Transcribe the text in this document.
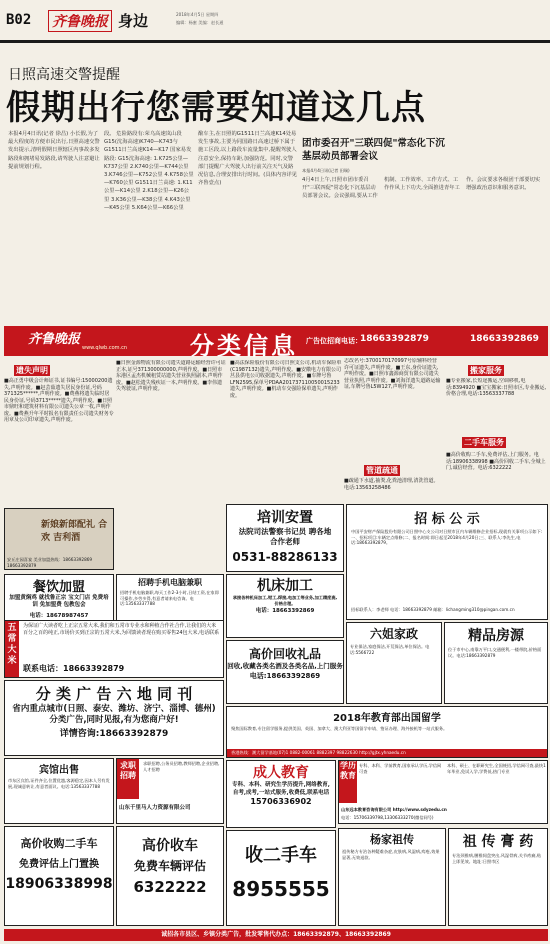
B02 齐鲁晚报 身边	2018年4月5日 星期四
编辑：杨蜜 美编：赵长通
日照高速交警提醒
假期出行您需要知道这几点
本报4月4日讯(记者 徐昌) 小长假,为了最大程度的方便市民出行,日照高速交警发出提示,清明假期日照辖区内事故多发路段和拥堵易发路段,请驾驶人注意避让提前规划行程。
段。 危险路段有:荣乌高速岚山段G15(沈海高速)K740—K743与G1511日兰高速K14—K17 国家易发路段: G15沈海高速: 1.K725公里—K737公里 2.K740公里—K744公里 3.K746公里—K752公里 4.K758公里—K760公里 G1511日兰高速: 1.K11公里—K14公里 2.K18公里—K26公里 3.K36公里—K38公里 4.K43公里—K45公里 5.K64公里—K66公里
酿车主,在日照的G1511日兰高速K14处易发生事故,主要为同国路日高速过桥下属于施工区段,以上路段车流量集中,提醒驾驶人注意安全,保持车距,加强防范。同时,交警部门提醒广大驾驶人出行前关注天气及路况信息,合理安排出行时间。(具体内容详见齐鲁壹点)
团市委召开"三联四促"常态化下沉基层动员部署会议
本报4月4日讯(记者 田瑞)
4月4日上午,日照市团市委召开"三联四促"常态化下沉基层动员部署会议。会议强调,要从工作机制、工作效率、工作方式、工作作风上下功夫,全面推进青年工作。会议要求各级团干部要切实增强政治意识和服务意识。
齐鲁晚报
www.qlwb.com.cn	分类信息 广告位招商电话：
18663392879	18663392869
遗失声明
■高正勇中级会计师证书,证书编号:15000200遗失,声明作废。■赵芸茹遗失居民身份证,号码371325******,声明作废。■费燕将遗失临时居民身份证,号码3713*****遗失,声明作废。■日照市鼎旺和建筑材料有限公司遗失公章一枚,声明作废。■费燕升年平时报名有限责任公司遗失财务专用章及公司印章遗失,声明作废。
■日照金源物流有限公司遗失道路运输经营许可证正本,证号371300000000,声明作废。■日照市东港区孟杰机械租赁站遗失营业执照副本,声明作废。■赵松遗失残疾证一本,声明作废。■李伟遗失驾驶证,声明作废。
■高法保险股份有限公司日照支公司,机动车保险单(C1987132)遗失,声明作废。■安徽电力有限公司莒县供电公司收据遗失,声明作废。■车牌号鲁LFN2595,保单号PDAA201737110050015233遗失,声明作废。■机动车交强险保单遗失,声明作废。
志改名号:3700170170997号原辅料经营许可证遗失,声明作废。■王东,身份证遗失,声明作废。■日照市鑫源商贸有限公司遗失营业执照,声明作废。■刘海洋遗失道路运输证,车牌号鲁L5W127,声明作废。
管道疏通
■疏通下水道,抽粪,化粪池清理,清洗管道。电话:13563258486
搬家服务
■专业搬家,长短途搬运,空调移机,电话:8394920 ■宝宝搬家:日照市区,专业搬运,价格合理,电话:13563337788
二手车服务
■高价收购二手车,免费评估,上门服务。电话:18906338998 ■高价回收二手车,全城上门,诚信经营。电话:6322222
新娘新郎配礼 合欢 吉利酒
安丘庄园喜宴 美业加盟热线：18663392869 18663392879
培训安置
法院司法警察书记员 聘各地合作老师
0531-88286133
招 标 公 示
中国平安财产保险股份有限公司日照中心支公司对日照市区内车辆维修企业招标,现就有关事项公示如下:一、招标项目:车辆定点维修;二、报名时间:即日起至2018年4月20日;三、联系人:李先生,电话:18663392879。
招标联系人：李老师 电话：18663392879 邮箱：lichangming310@pingan.com.cn
餐饮加盟
加盟黄焖鸡 就找鲁正宗 宝文门店 免费培训 免加盟费 包教包会
电话：18678987457
招聘手机电脑兼职
招聘手机电脑兼职,每天工作2-3小时,日结工资,在家即可操作,多劳多得,有意者请来电咨询。电话:13563337788
机床加工
承接各种机床加工,钳工,焊接,电加工等业务,加工精度高,价格合理。
电话：18663392869
五常大米
为保证广大读者吃上正宗五常大米,我们和五常市专业水和种植合作社合作,让我们的大米百分之百的纯正,市场价买到正宗的五常大米,为回馈读者现在购买零售24包大米,电话联系
联系电话：18663392879
高价回收礼品
回收,收藏各类名酒及各类名品,上门服务
电话:18663392869
六姐家政
专业保洁,家庭保洁,开荒保洁,单位保洁。电话:5566722
精品房源
位于市中心,南靠万平口,交通便利,一楼带院,价格面议。电话:18663392879
分 类 广 告 六 地 同 刊
省内重点城市(日照、泰安、潍坊、济宁、淄博、德州)分类广告,同时见报,有为您商户好!
详情咨询:18663392879
2018年教育部出国留学
聚焦国际教育,专注留学服务,提供美国、英国、加拿大、澳大利亚等国留学申请、签证办理、海外接机等一站式服务。
香港热线：潮大留学基地(07)1 0882-00061 8882397 98822630 http://gjtx.yhnaedu.cn
宾馆出售
市东区宾馆,证件齐全,位置优越,客源稳定,因本人另有发展,现诚意转让,有意者面议。电话:13563337788
求职招聘
求职招聘,公务员招聘,教师招聘,企业招聘,人才招聘
山东千里马人力资源有限公司
成人教育
专科、本科、研究生学历提升,网络教育,自考,成考,一站式服务,收费低,联系电话
15706336902
学历教育
专科、本科、学前教育,国家承认学历,学信网可查
本科、硕士、在职研究生,全国统招,学信网可查,最快1年毕业,免试入学,学费低,热门专业
山东远本教育咨询有限公司 http://www.sdyzedu.cn
电话：15706339798,13306333270(微信同号)
高价收购二手车
免费评估上门置换
18906338998
高价收车
免费车辆评估
6322222
收二手车
8955555
杨家祖传
祖传秘方专治各种疑难杂症,皮肤病,风湿病,痔疮,效果显著,无效退款。
祖 传 膏 药
专治颈椎病,腰椎间盘突出,风湿骨病,关节疼痛,贴上即见效。地址:日照市区
诚招各市县区、乡镇分类广告，批发零售代办点：18663392879、18663392869
